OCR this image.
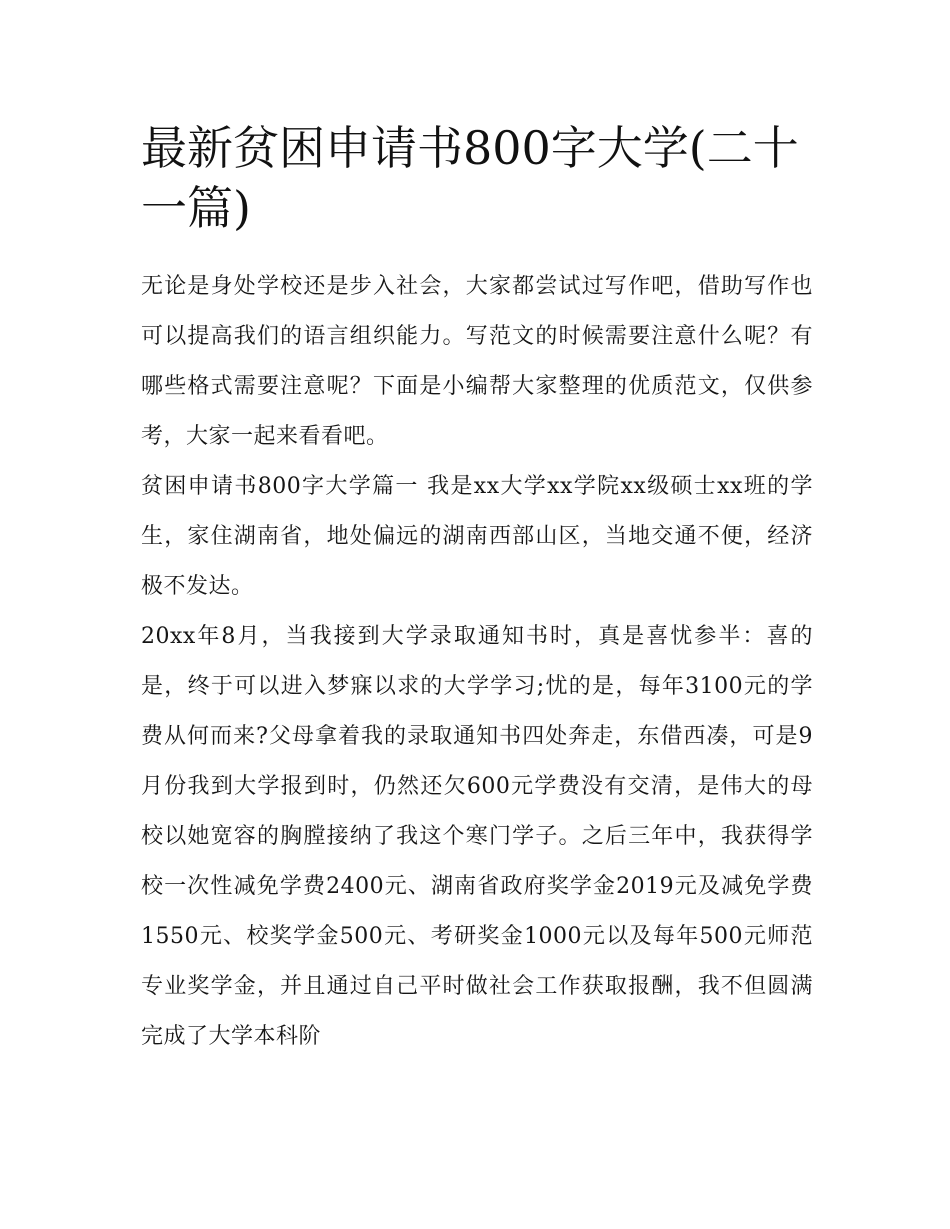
最新贫困申请书800字大学(二十一篇)

无论是身处学校还是步入社会，大家都尝试过写作吧，借助写作也可以提高我们的语言组织能力。写范文的时候需要注意什么呢？有哪些格式需要注意呢？下面是小编帮大家整理的优质范文，仅供参考，大家一起来看看吧。

贫困申请书800字大学篇一 我是xx大学xx学院xx级硕士xx班的学生，家住湖南省，地处偏远的湖南西部山区，当地交通不便，经济极不发达。

20xx年8月，当我接到大学录取通知书时，真是喜忧参半：喜的是，终于可以进入梦寐以求的大学学习;忧的是，每年3100元的学费从何而来?父母拿着我的录取通知书四处奔走，东借西凑，可是9月份我到大学报到时，仍然还欠600元学费没有交清，是伟大的母校以她宽容的胸膛接纳了我这个寒门学子。之后三年中，我获得学校一次性减免学费2400元、湖南省政府奖学金2019元及减免学费1550元、校奖学金500元、考研奖金1000元以及每年500元师范专业奖学金，并且通过自己平时做社会工作获取报酬，我不但圆满完成了大学本科阶
